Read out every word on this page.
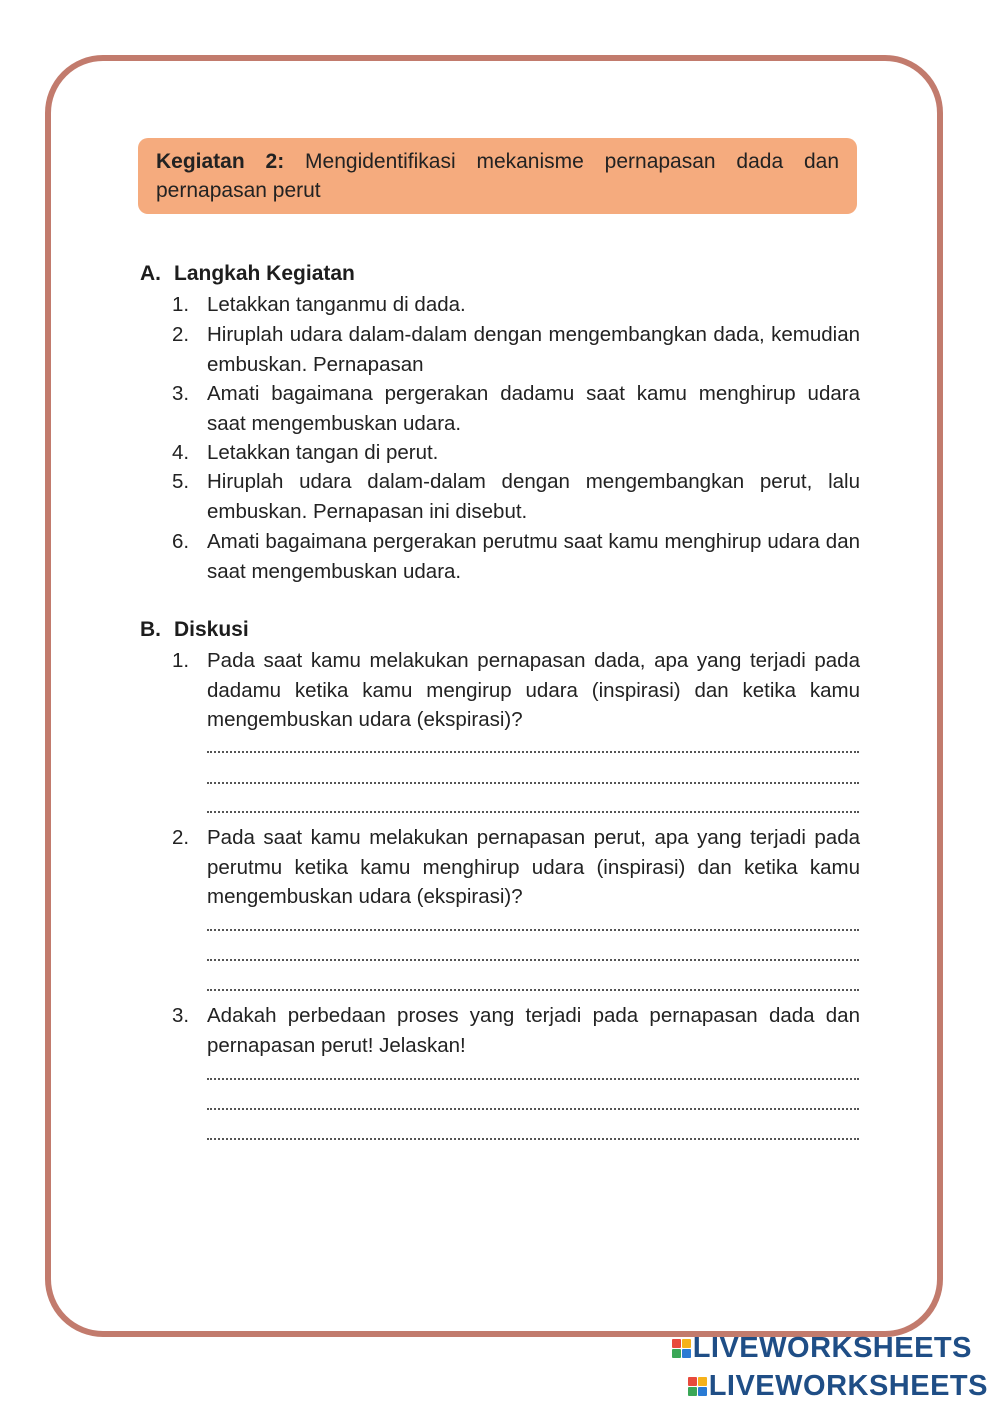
Kegiatan 2: Mengidentifikasi mekanisme pernapasan dada dan pernapasan perut
A. Langkah Kegiatan
1. Letakkan tanganmu di dada.
2. Hiruplah udara dalam-dalam dengan mengembangkan dada, kemudian embuskan. Pernapasan
3. Amati bagaimana pergerakan dadamu saat kamu menghirup udara saat mengembuskan udara.
4. Letakkan tangan di perut.
5. Hiruplah udara dalam-dalam dengan mengembangkan perut, lalu embuskan. Pernapasan ini disebut.
6. Amati bagaimana pergerakan perutmu saat kamu menghirup udara dan saat mengembuskan udara.
B. Diskusi
1. Pada saat kamu melakukan pernapasan dada, apa yang terjadi pada dadamu ketika kamu mengirup udara (inspirasi) dan ketika kamu mengembuskan udara (ekspirasi)?
2. Pada saat kamu melakukan pernapasan perut, apa yang terjadi pada perutmu ketika kamu menghirup udara (inspirasi) dan ketika kamu mengembuskan udara (ekspirasi)?
3. Adakah perbedaan proses yang terjadi pada pernapasan dada dan pernapasan perut! Jelaskan!
LIVEWORKSHEETS
LIVEWORKSHEETS
